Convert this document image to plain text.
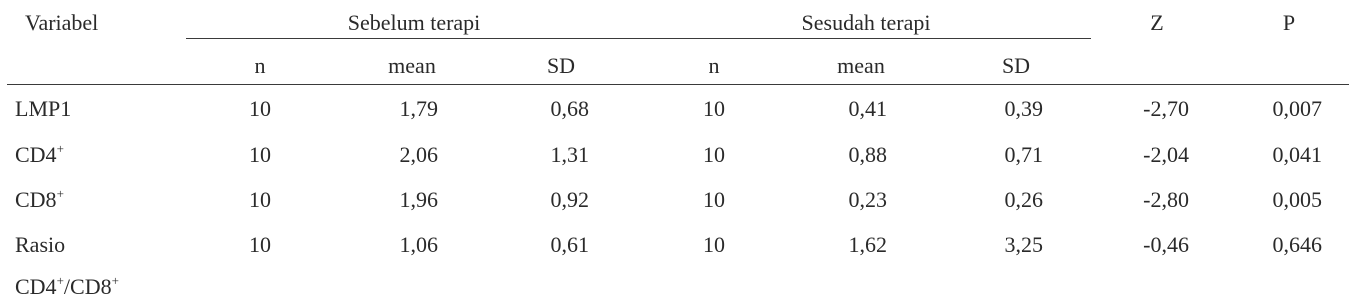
Variabel	Sebelum terapi	Sesudah terapi	Z	P
n	mean	SD	n	mean	SD
LMP1	10	1,79	0,68	10	0,41	0,39	-2,70	0,007
CD4+	10	2,06	1,31	10	0,88	0,71	-2,04	0,041
CD8+	10	1,96	0,92	10	0,23	0,26	-2,80	0,005
Rasio	10	1,06	0,61	10	1,62	3,25	-0,46	0,646
CD4+/CD8+
